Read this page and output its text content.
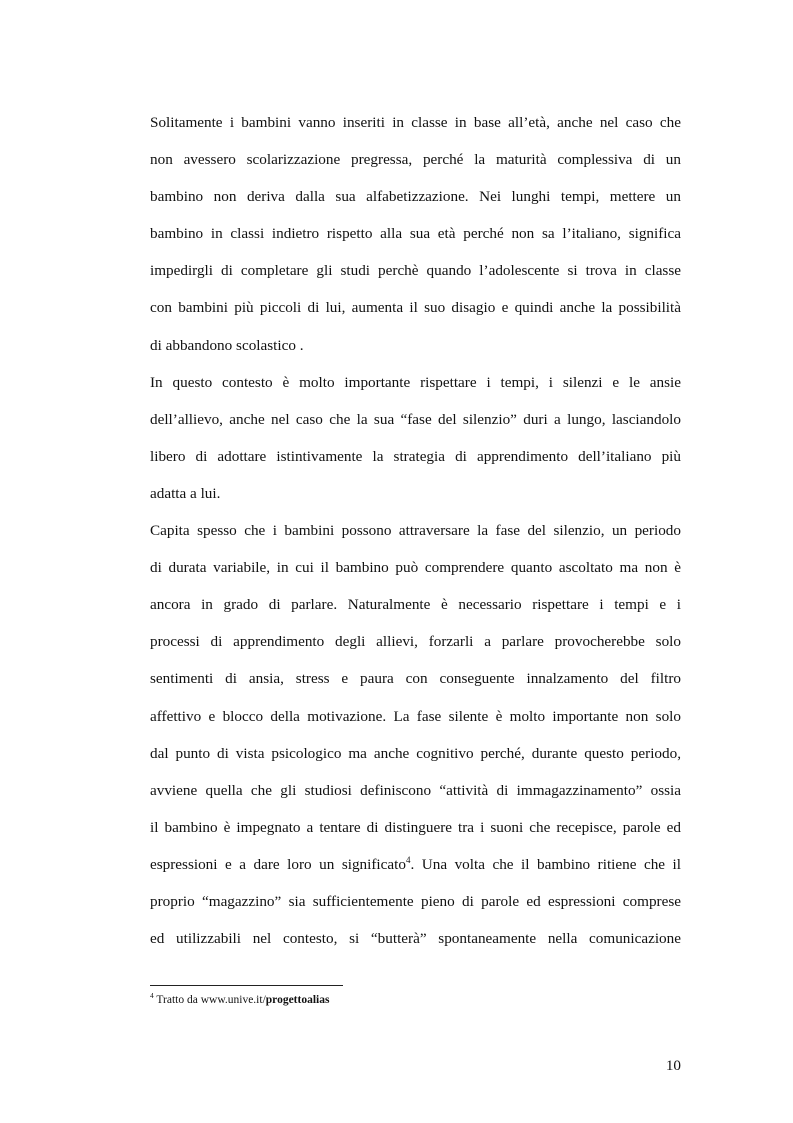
Solitamente i bambini vanno inseriti in classe in base all’età, anche nel caso che
non avessero scolarizzazione pregressa, perché la maturità complessiva di un
bambino non deriva dalla sua alfabetizzazione. Nei lunghi tempi, mettere un
bambino in classi indietro rispetto alla sua età perché non sa l’italiano, significa
impedirgli di completare gli studi perchè quando l’adolescente si trova in classe
con bambini più piccoli di lui, aumenta il suo disagio e quindi anche la possibilità
di abbandono scolastico .

In questo contesto è molto importante rispettare i tempi, i silenzi e le ansie
dell’allievo, anche nel caso che la sua “fase del silenzio” duri a lungo, lasciandolo
libero di adottare istintivamente la strategia di apprendimento dell’italiano più
adatta a lui.

Capita spesso che i bambini possono attraversare la fase del silenzio, un periodo
di durata variabile, in cui il bambino può comprendere quanto ascoltato ma non è
ancora in grado di parlare. Naturalmente è necessario rispettare i tempi e i
processi di apprendimento degli allievi, forzarli a parlare provocherebbe solo
sentimenti di ansia, stress e paura con conseguente innalzamento del filtro
affettivo e blocco della motivazione. La fase silente è molto importante non solo
dal punto di vista psicologico ma anche cognitivo perché, durante questo periodo,
avviene quella che gli studiosi definiscono “attività di immagazzinamento” ossia
il bambino è impegnato a tentare di distinguere tra i suoni che recepisce, parole ed
espressioni e a dare loro un significato$^4$. Una volta che il bambino ritiene che il
proprio “magazzino” sia sufficientemente pieno di parole ed espressioni comprese
ed utilizzabili nel contesto, si “butterà” spontaneamente nella comunicazione

$^4$ Tratto da www.unive.it/progettoalias
10
